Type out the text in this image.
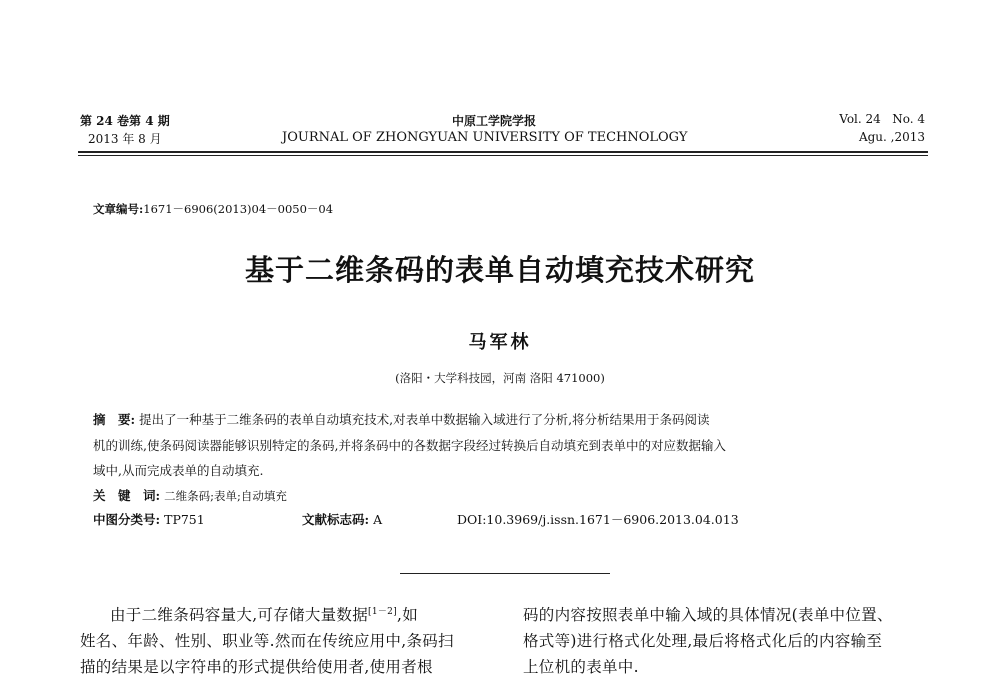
第 24 卷第 4 期
2013 年 8 月
中原工学院学报
JOURNAL OF ZHONGYUAN UNIVERSITY OF TECHNOLOGY
Vol. 24   No. 4
Agu. ,2013
文章编号:1671－6906(2013)04－0050－04
基于二维条码的表单自动填充技术研究
马军林
(洛阳・大学科技园，河南 洛阳 471000)
摘　要: 提出了一种基于二维条码的表单自动填充技术,对表单中数据输入域进行了分析,将分析结果用于条码阅读
机的训练,使条码阅读器能够识别特定的条码,并将条码中的各数据字段经过转换后自动填充到表单中的对应数据输入
域中,从而完成表单的自动填充.
关　键　词: 二维条码;表单;自动填充
中图分类号: TP751	文献标志码: A	DOI:10.3969/j.issn.1671－6906.2013.04.013
由于二维条码容量大,可存储大量数据[1－2],如
姓名、年龄、性别、职业等.然而在传统应用中,条码扫
描的结果是以字符串的形式提供给使用者,使用者根
码的内容按照表单中输入域的具体情况(表单中位置、
格式等)进行格式化处理,最后将格式化后的内容输至
上位机的表单中.
